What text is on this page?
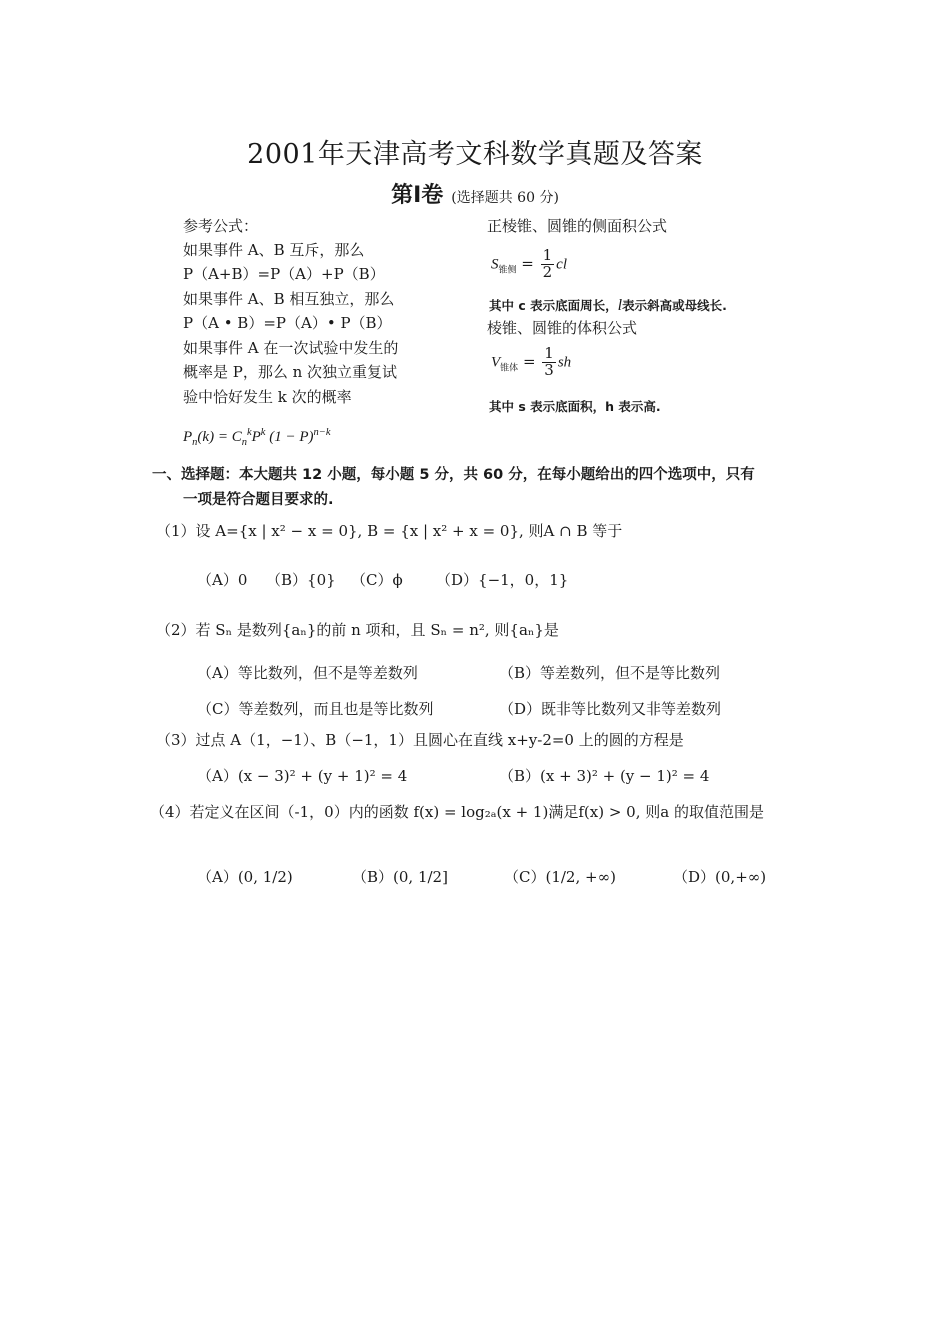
2001年天津高考文科数学真题及答案
第Ⅰ卷 (选择题共 60 分)
参考公式：
如果事件 A、B 互斥，那么
P（A+B）=P（A）+P（B）
如果事件 A、B 相互独立，那么
P（A • B）=P（A）• P（B）
如果事件 A 在一次试验中发生的
概率是 P，那么 n 次独立重复试
验中恰好发生 k 次的概率
$P_n(k) = C_n^kP^k$ $(1 - P)^{n-k}$
正棱锥、圆锥的侧面积公式
$S_{锥侧} = \frac{1}{2}$ cl
其中 c 表示底面周长，l表示斜高或母线长.
棱锥、圆锥的体积公式
$V_{锥体} = \frac{1}{3}$ sh
其中 s 表示底面积，h 表示高.
一、选择题：本大题共 12 小题，每小题 5 分，共 60 分，在每小题给出的四个选项中，只有
一项是符合题目要求的.
（1）设 A={x | x² − x = 0}, B = {x | x² + x = 0}, 则A ∩ B 等于
（A）0 （B）{0} （C）ϕ （D）{−1，0，1}
（2）若 Sₙ 是数列{aₙ}的前 n 项和，且 Sₙ = n², 则{aₙ}是
（A）等比数列，但不是等差数列	（B）等差数列，但不是等比数列
（C）等差数列，而且也是等比数列	（D）既非等比数列又非等差数列
（3）过点 A（1，−1）、B（−1，1）且圆心在直线 x+y-2=0 上的圆的方程是
（A）(x − 3)² + (y + 1)² = 4	（B）(x + 3)² + (y − 1)² = 4
（4）若定义在区间（-1，0）内的函数 f(x) = log₂ₐ(x + 1)满足f(x) > 0, 则a 的取值范围是
（A）(0, 1/2)	（B）(0, 1/2]	（C）(1/2, +∞)	（D）(0,+∞)
